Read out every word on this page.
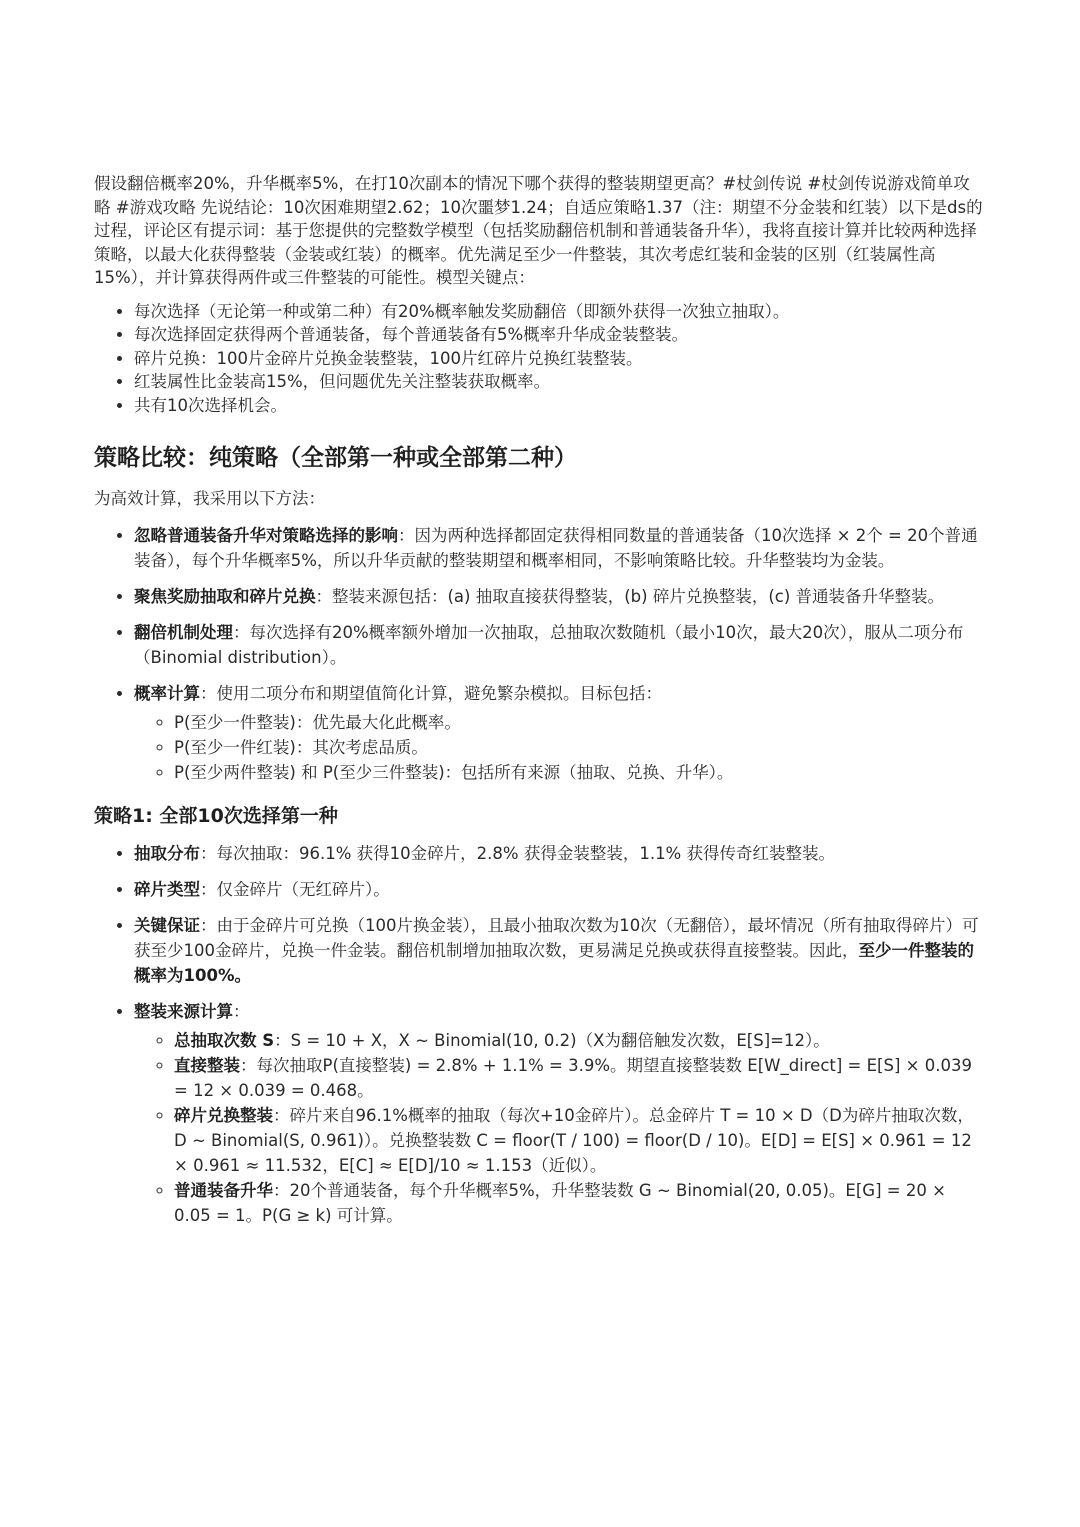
假设翻倍概率20%，升华概率5%，在打10次副本的情况下哪个获得的整装期望更高？#杖剑传说 #杖剑传说游戏简单攻略 #游戏攻略 先说结论：10次困难期望2.62；10次噩梦1.24；自适应策略1.37（注：期望不分金装和红装）以下是ds的过程，评论区有提示词：基于您提供的完整数学模型（包括奖励翻倍机制和普通装备升华），我将直接计算并比较两种选择策略，以最大化获得整装（金装或红装）的概率。优先满足至少一件整装，其次考虑红装和金装的区别（红装属性高15%），并计算获得两件或三件整装的可能性。模型关键点：

• 每次选择（无论第一种或第二种）有20%概率触发奖励翻倍（即额外获得一次独立抽取）。
• 每次选择固定获得两个普通装备，每个普通装备有5%概率升华成金装整装。
• 碎片兑换：100片金碎片兑换金装整装，100片红碎片兑换红装整装。
• 红装属性比金装高15%，但问题优先关注整装获取概率。
• 共有10次选择机会。
策略比较：纯策略（全部第一种或全部第二种）

为高效计算，我采用以下方法：

• 忽略普通装备升华对策略选择的影响：因为两种选择都固定获得相同数量的普通装备（10次选择 × 2个 = 20个普通装备），每个升华概率5%，所以升华贡献的整装期望和概率相同，不影响策略比较。升华整装均为金装。
• 聚焦奖励抽取和碎片兑换：整装来源包括：(a) 抽取直接获得整装，(b) 碎片兑换整装，(c) 普通装备升华整装。
• 翻倍机制处理：每次选择有20%概率额外增加一次抽取，总抽取次数随机（最小10次，最大20次），服从二项分布（Binomial distribution）。
• 概率计算：使用二项分布和期望值简化计算，避免繁杂模拟。目标包括：
◦ P(至少一件整装)：优先最大化此概率。
◦ P(至少一件红装)：其次考虑品质。
◦ P(至少两件整装) 和 P(至少三件整装)：包括所有来源（抽取、兑换、升华）。
策略1: 全部10次选择第一种
• 抽取分布：每次抽取：96.1% 获得10金碎片，2.8% 获得金装整装，1.1% 获得传奇红装整装。
• 碎片类型：仅金碎片（无红碎片）。
• 关键保证：由于金碎片可兑换（100片换金装），且最小抽取次数为10次（无翻倍），最坏情况（所有抽取得碎片）可获至少100金碎片，兑换一件金装。翻倍机制增加抽取次数，更易满足兑换或获得直接整装。因此，至少一件整装的概率为100%。
• 整装来源计算：
◦ 总抽取次数 S：S = 10 + X，X ~ Binomial(10, 0.2)（X为翻倍触发次数，E[S]=12）。
◦ 直接整装：每次抽取P(直接整装) = 2.8% + 1.1% = 3.9%。期望直接整装数 E[W_direct] = E[S] × 0.039 = 12 × 0.039 = 0.468。
◦ 碎片兑换整装：碎片来自96.1%概率的抽取（每次+10金碎片）。总金碎片 T = 10 × D（D为碎片抽取次数，D ~ Binomial(S, 0.961)）。兑换整装数 C = floor(T / 100) = floor(D / 10)。E[D] = E[S] × 0.961 = 12 × 0.961 ≈ 11.532，E[C] ≈ E[D]/10 ≈ 1.153（近似）。
◦ 普通装备升华：20个普通装备，每个升华概率5%，升华整装数 G ~ Binomial(20, 0.05)。E[G] = 20 × 0.05 = 1。P(G ≥ k) 可计算。
